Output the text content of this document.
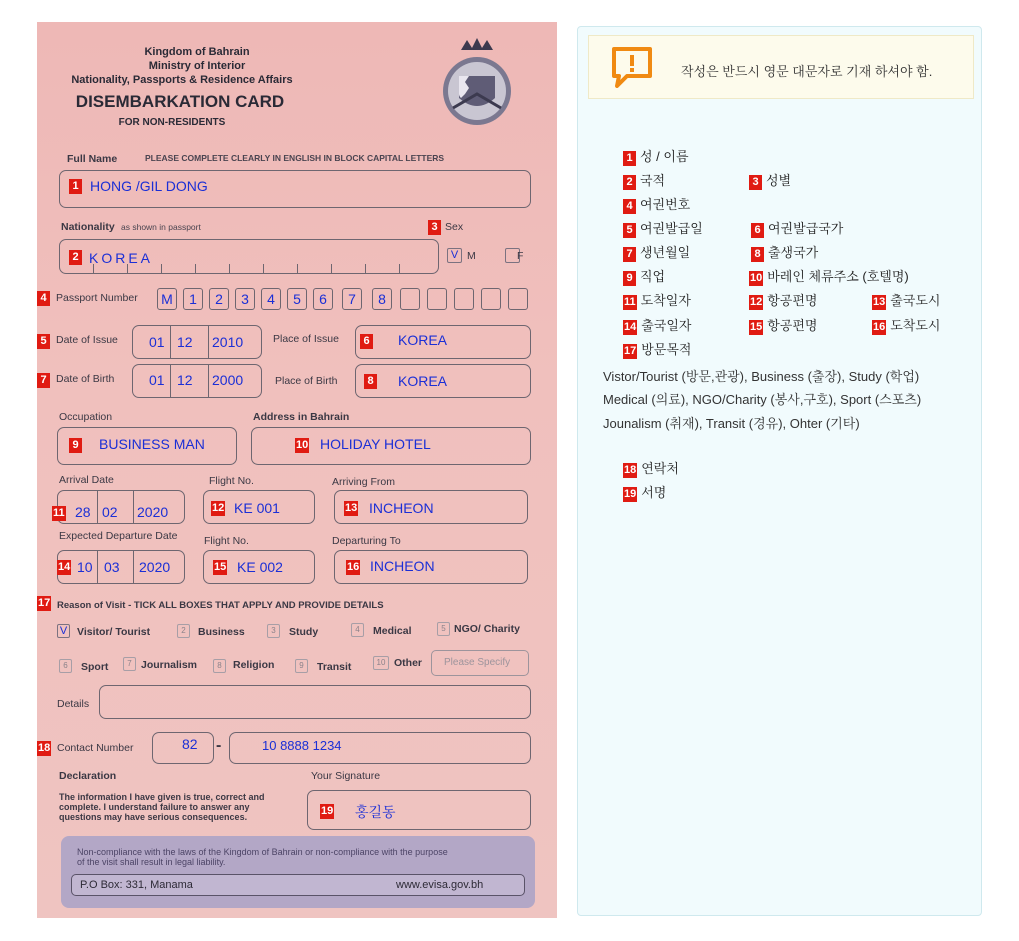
Kingdom of Bahrain
Ministry of Interior
Nationality, Passports & Residence Affairs
DISEMBARKATION CARD
FOR NON-RESIDENTS
Full Name	PLEASE COMPLETE CLEARLY IN ENGLISH IN BLOCK CAPITAL LETTERS
1 HONG /GIL DONG
Nationality as shown in passport
2 KOREA
3 Sex
V M	F
4 Passport Number M	1	2	3	4	5	6	7	8
5 Date of Issue 01 12 2010	Place of Issue	6 KOREA
7 Date of Birth 01 12 2000	Place of Birth	8 KOREA
Occupation
9 BUSINESS MAN
Address in Bahrain
10 HOLIDAY HOTEL
Arrival Date
11 28 02 2020
Flight No.
12 KE 001
Arriving From
13 INCHEON
Expected Departure Date
14 10 03 2020
Flight No.
15 KE 002
Departuring To
16 INCHEON
17 Reason of Visit - TICK ALL BOXES THAT APPLY AND PROVIDE DETAILS
V Visitor/ Tourist	2	Business	3	Study	4	Medical	5 NGO/ Charity
6	Sport	7 Journalism	8	Religion	9	Transit	10 Other Please Specify
Details
18 Contact Number	82 -	10 8888 1234
Declaration
The information I have given is true, correct and
complete. I understand failure to answer any
questions may have serious consequences.
Your Signature
19 홍길동
Non-compliance with the laws of the Kingdom of Bahrain or non-compliance with the purpose
of the visit shall result in legal liability.
P.O Box: 331, Manama	www.evisa.gov.bh
작성은 반드시 영문 대문자로 기재 하셔야 함.
1 성 / 이름
2 국적	3 성별
4 여권번호
5 여권발급일	6 여권발급국가
7 생년월일	8 출생국가
9 직업	10 바레인 체류주소 (호텔명)
11 도착일자	12 항공편명	13 출국도시
14 출국일자	15 항공편명	16 도착도시
17 방문목적
Vistor/Tourist (방문,관광), Business (출장), Study (학업)
Medical (의료), NGO/Charity (봉사,구호), Sport (스포츠)
Jounalism (취재), Transit (경유), Ohter (기타)
18 연락처
19 서명
